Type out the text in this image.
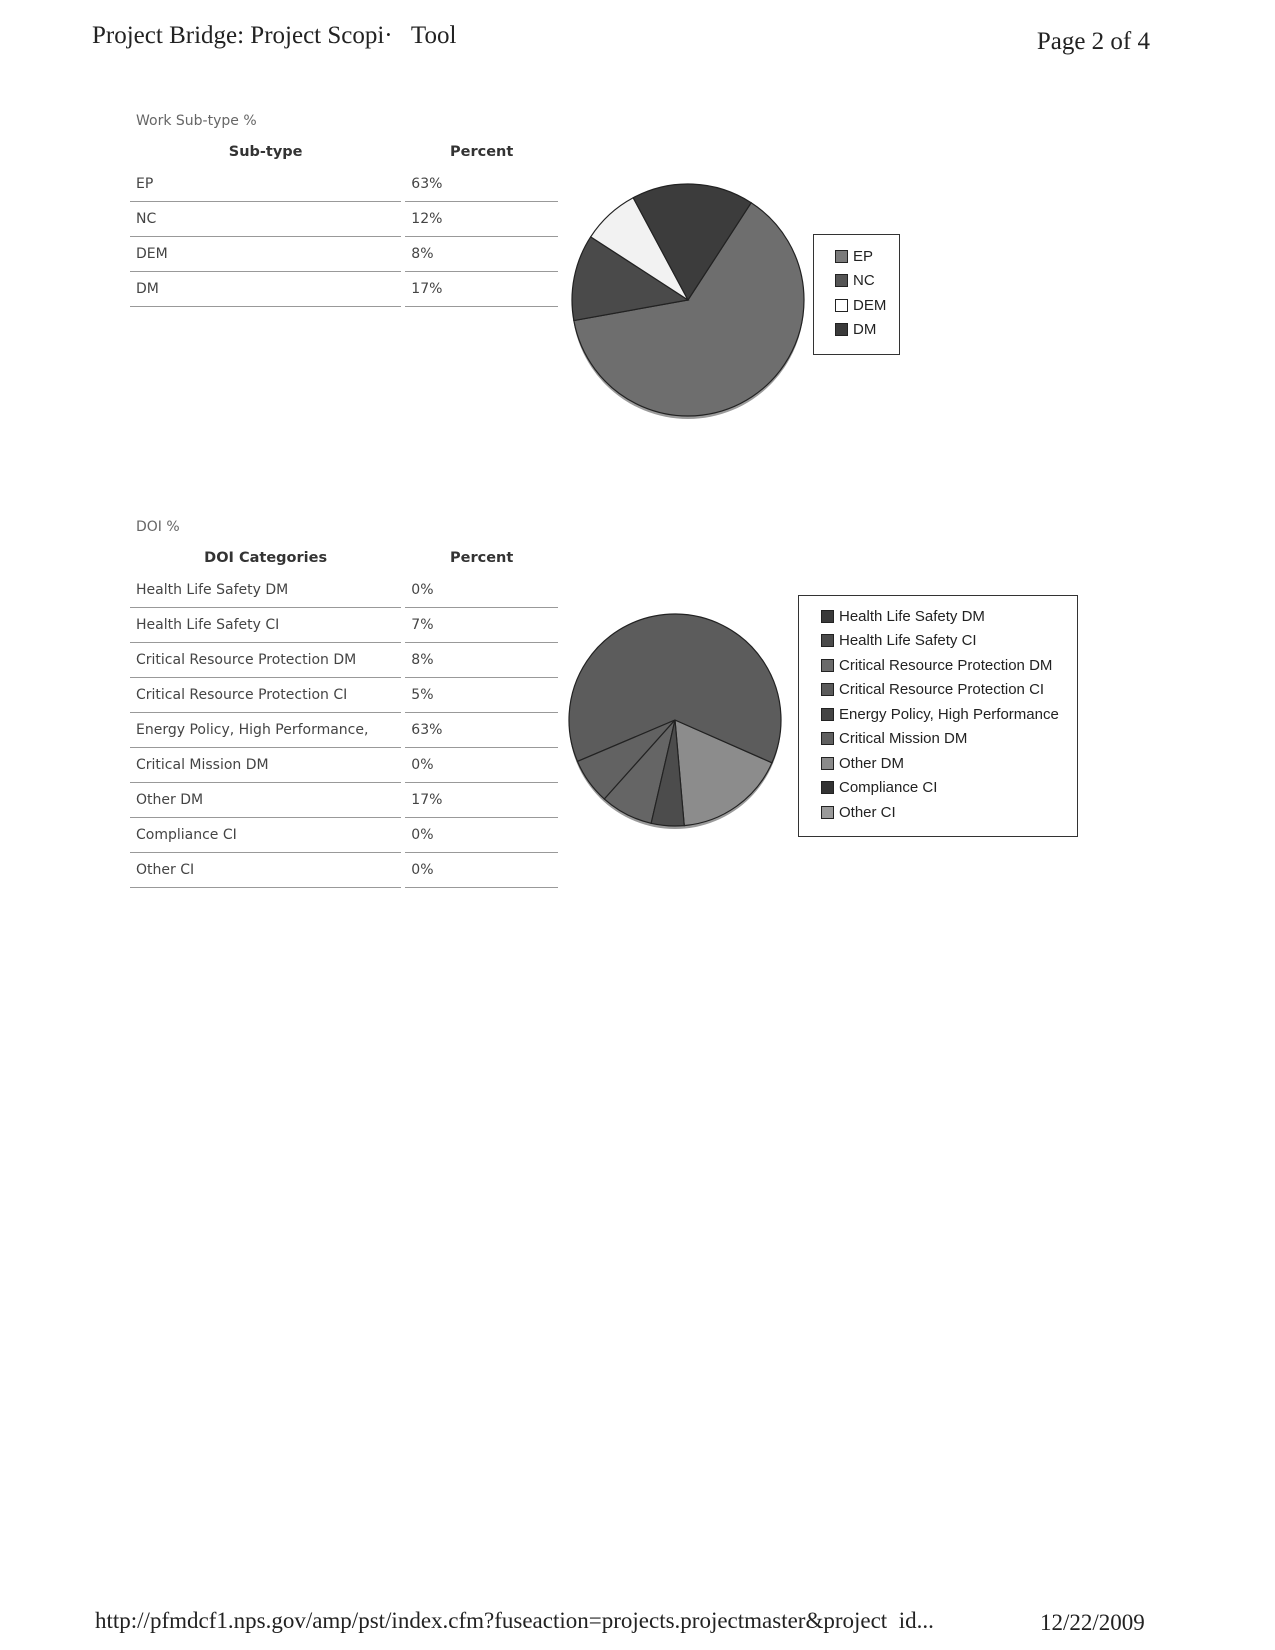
Project Bridge: Project Scopi·   Tool	Page 2 of 4
Work Sub-type %
Sub-type		Percent
EP		63%
NC		12%
DEM		8%
DM		17%
EP
NC
DEM
DM
DOI %
DOI Categories		Percent
Health Life Safety DM		0%
Health Life Safety CI		7%
Critical Resource Protection DM		8%
Critical Resource Protection CI		5%
Energy Policy, High Performance,		63%
Critical Mission DM		0%
Other DM		17%
Compliance CI		0%
Other CI		0%
Health Life Safety DM
Health Life Safety CI
Critical Resource Protection DM
Critical Resource Protection CI
Energy Policy, High Performance
Critical Mission DM
Other DM
Compliance CI
Other CI
http://pfmdcf1.nps.gov/amp/pst/index.cfm?fuseaction=projects.projectmaster&project  id...	12/22/2009
